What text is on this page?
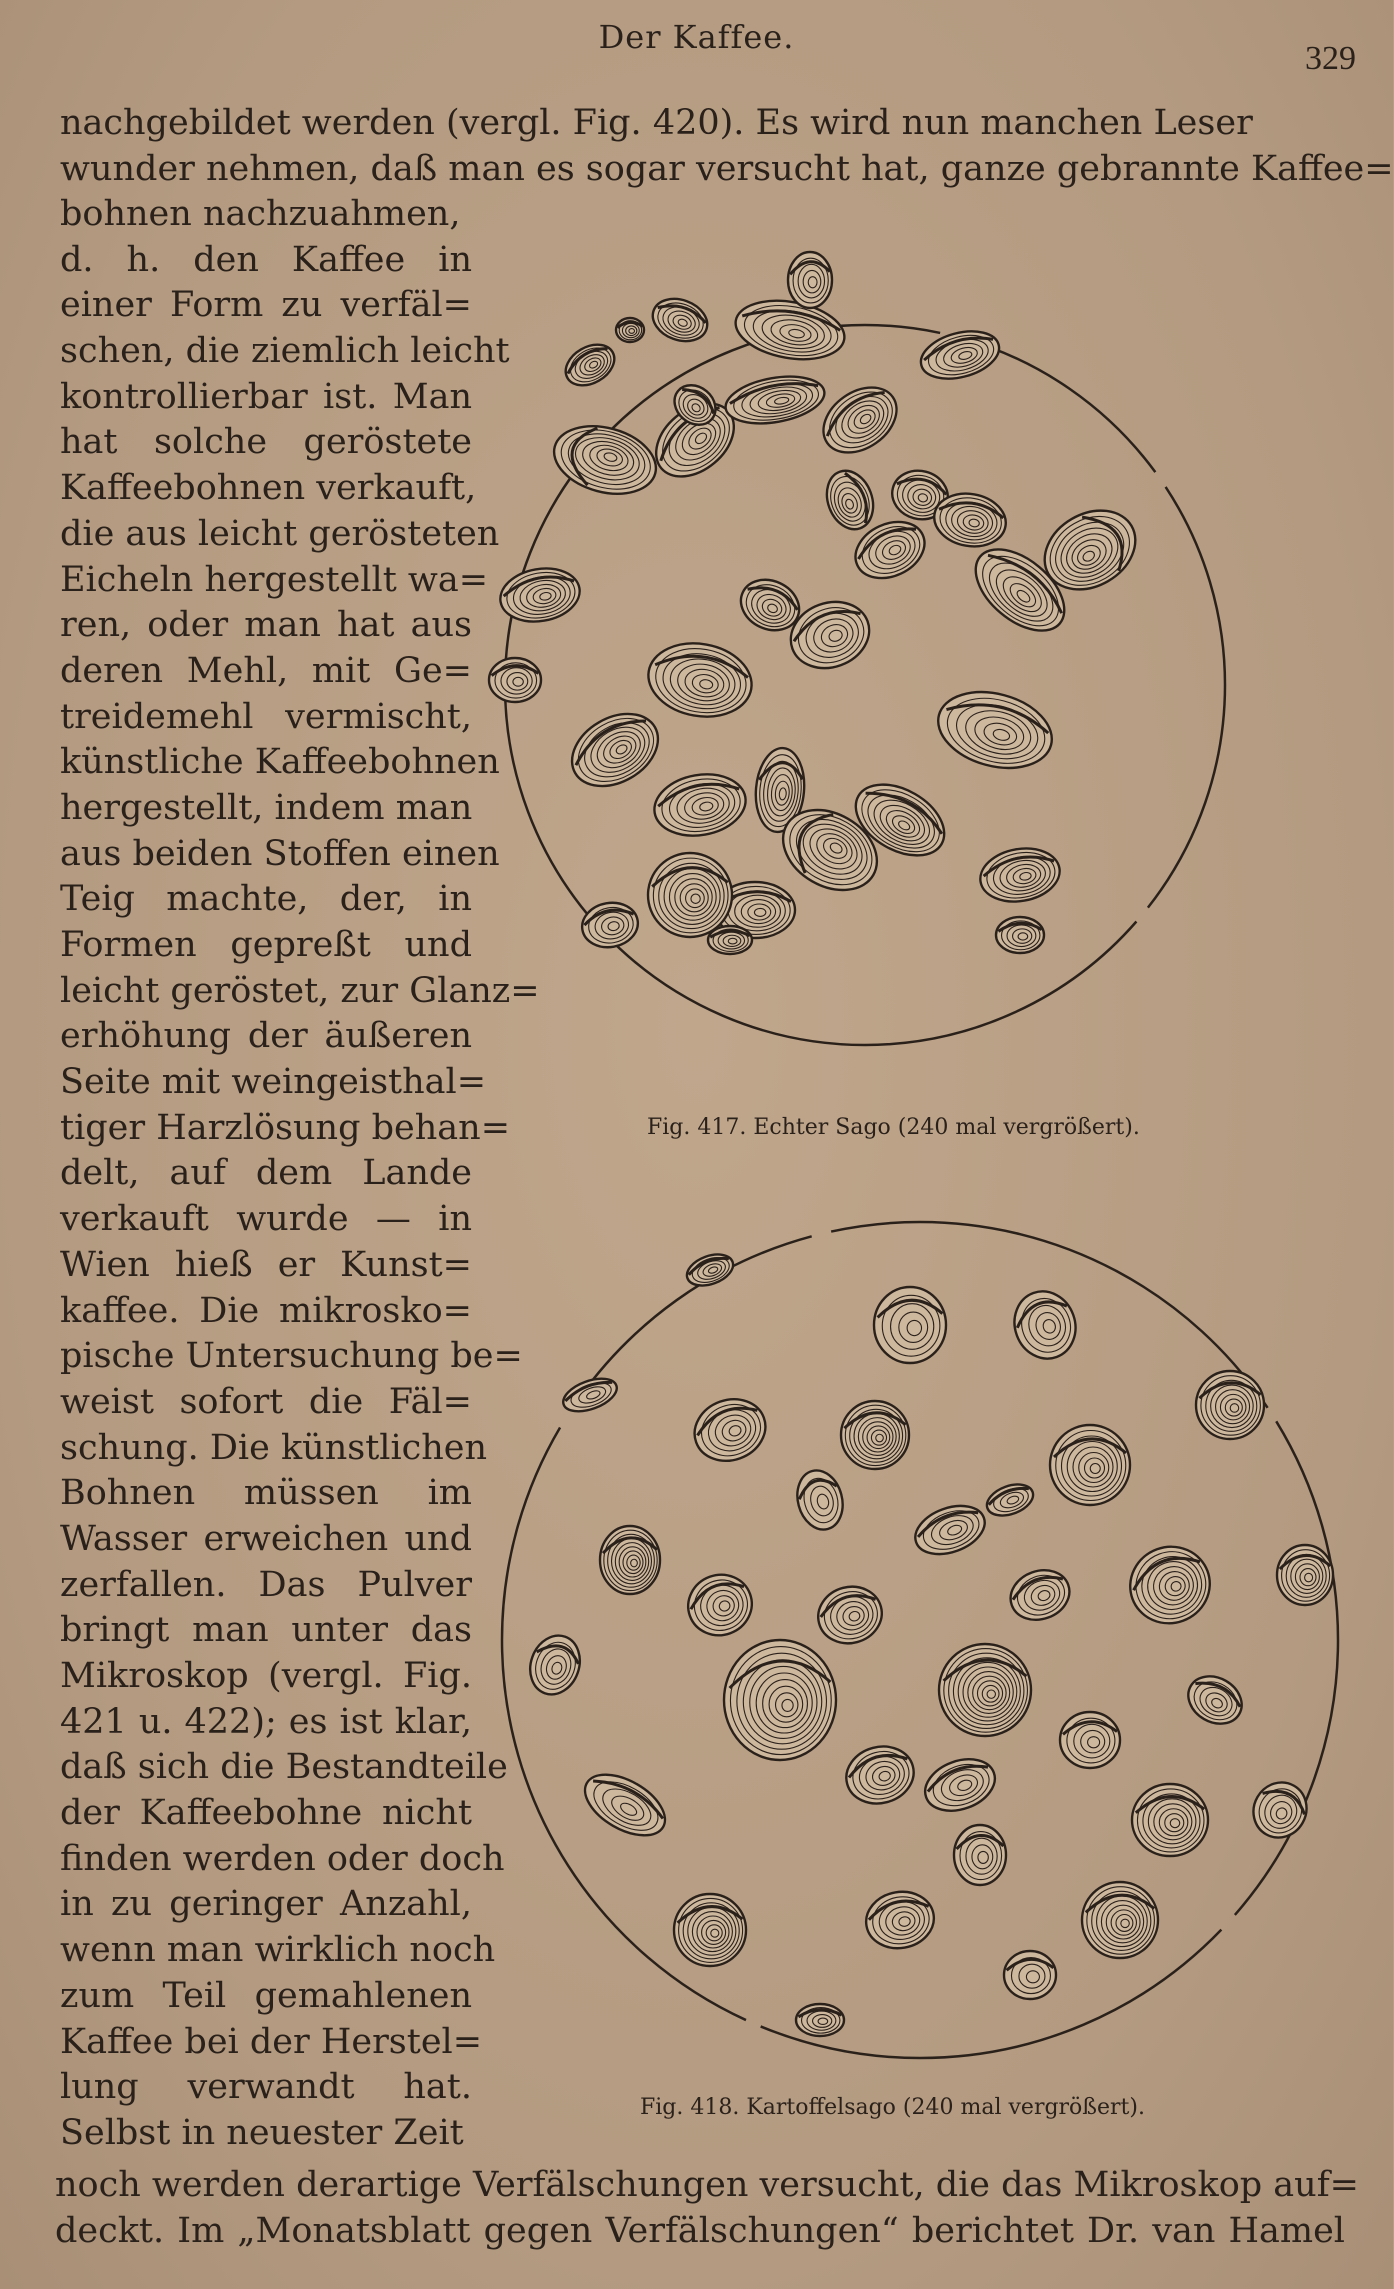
Der Kaffee.
329
nachgebildet werden (vergl. Fig. 420). Es wird nun manchen Leser
wunder nehmen, daß man es sogar versucht hat, ganze gebrannte Kaffee=
bohnen nachzuahmen,
d. h. den Kaffee in
einer Form zu verfäl=
schen, die ziemlich leicht
kontrollierbar ist. Man
hat solche geröstete
Kaffeebohnen verkauft,
die aus leicht gerösteten
Eicheln hergestellt wa=
ren, oder man hat aus
deren Mehl, mit Ge=
treidemehl vermischt,
künstliche Kaffeebohnen
hergestellt, indem man
aus beiden Stoffen einen
Teig machte, der, in
Formen gepreßt und
leicht geröstet, zur Glanz=
erhöhung der äußeren
Seite mit weingeisthal=
tiger Harzlösung behan=
delt, auf dem Lande
verkauft wurde — in
Wien hieß er Kunst=
kaffee. Die mikrosko=
pische Untersuchung be=
weist sofort die Fäl=
schung. Die künstlichen
Bohnen müssen im
Wasser erweichen und
zerfallen. Das Pulver
bringt man unter das
Mikroskop (vergl. Fig.
421 u. 422); es ist klar,
daß sich die Bestandteile
der Kaffeebohne nicht
finden werden oder doch
in zu geringer Anzahl,
wenn man wirklich noch
zum Teil gemahlenen
Kaffee bei der Herstel=
lung verwandt hat.
Selbst in neuester Zeit
Fig. 417. Echter Sago (240 mal vergrößert).
Fig. 418. Kartoffelsago (240 mal vergrößert).
noch werden derartige Verfälschungen versucht, die das Mikroskop auf=
deckt. Im „Monatsblatt gegen Verfälschungen“ berichtet Dr. van Hamel
